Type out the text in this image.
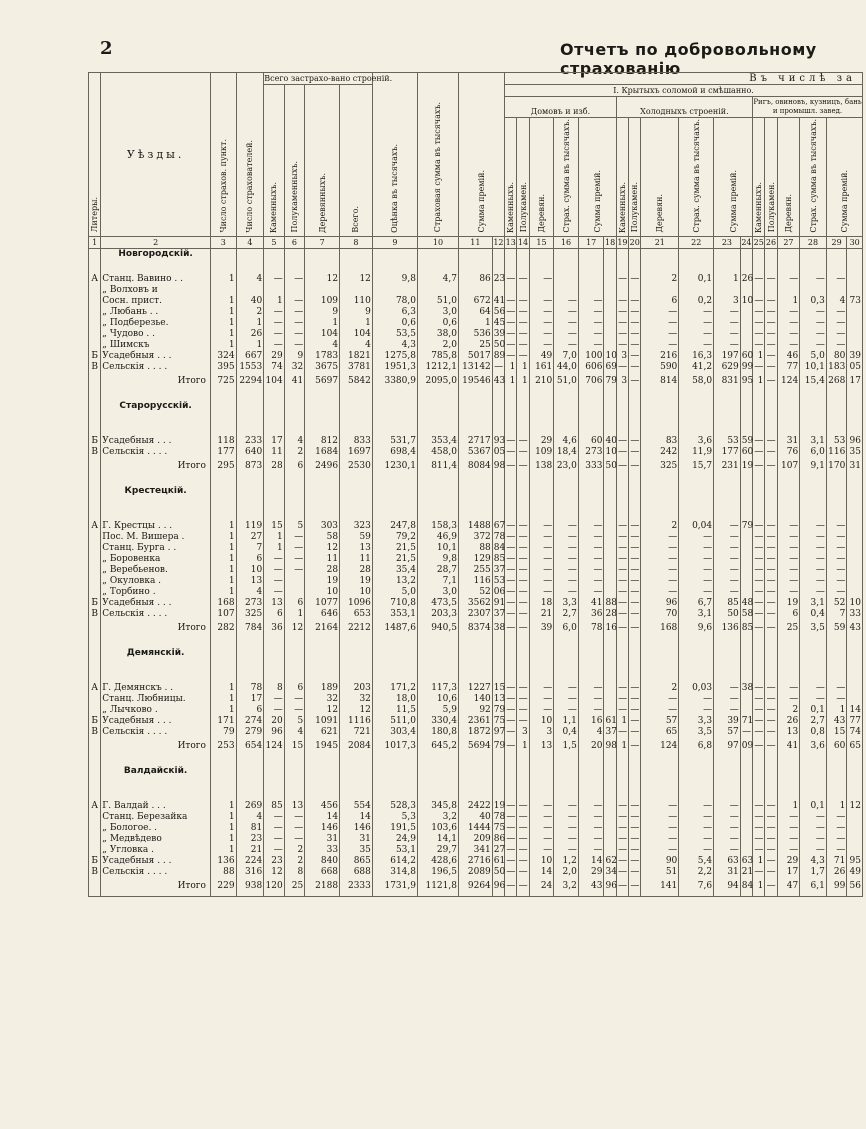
2	Отчетъ по добровольному страхованію
Литеры.	Уѣзды.	Число страхов. пункт.	Число страхователей.	Всего застрахо-вано строеній.				Оцѣнка въ тысячахъ.	Страховая сумма въ тысячахъ.	Сумма премій.		Въ числѣ за																	
				Каменныхъ.	Полукаменныхъ.	Деревянныхъ.	Всего.					I. Крытыхъ соломой и смѣшанно.																	
												Домовъ и изб.						Холодныхъ строеній.						Ригъ, овиновъ, кузницъ, бань и промышл. завед.					
												Каменныхъ.	Полукамен.	Деревян.	Страх. сумма въ тысячахъ.	Сумма премій.		Каменныхъ.	Полукамен.	Деревян.	Страх. сумма въ тысячахъ.	Сумма премій.		Каменныхъ.	Полукамен.	Деревян.	Страх. сумма въ тысячахъ.	Сумма премій.	
1	2	3	4	5	6	7	8	9	10	11	12	13	14	15	16	17	18	19	20	21	22	23	24	25	26	27	28	29	30
	Новгородскій.																												

А	Станц. Вавино . .	1	4	—	—	12	12	9,8	4,7	86	23	—	—	—				—	—	2	0,1	1	26	—	—	—	—	—	
	„ Волховъ и																												
	Сосн. прист.	1	40	1	—	109	110	78,0	51,0	672	41	—	—	—	—	—		—	—	6	0,2	3	10	—	—	1	0,3	4	73
	„ Любань . .	1	2	—	—	9	9	6,3	3,0	64	56	—	—	—	—	—		—	—	—	—	—		—	—	—	—	—	
	„ Подберезье.	1	1	—	—	1	1	0,6	0,6	1	45	—	—	—	—	—		—	—	—	—	—		—	—	—	—	—	
	„ Чудово . .	1	26	—	—	104	104	53,5	38,0	536	39	—	—	—	—	—		—	—	—	—	—		—	—	—	—	—	
	„ Шимскъ	1	1	—	—	4	4	4,3	2,0	25	50	—	—	—	—	—		—	—	—	—	—		—	—	—	—	—	
Б	Усадебныя . . .	324	667	29	9	1783	1821	1275,8	785,8	5017	89	—	—	49	7,0	100	10	3	—	216	16,3	197	60	1	—	46	5,0	80	39
В	Сельскія . . . .	395	1553	74	32	3675	3781	1951,3	1212,1	13142	—	1	1	161	44,0	606	69	—	—	590	41,2	629	99	—	—	77	10,1	183	05
	Итого	725	2294	104	41	5697	5842	3380,9	2095,0	19546	43	1	1	210	51,0	706	79	3	—	814	58,0	831	95	1	—	124	15,4	268	17

	Старорусскій.																												

Б	Усадебныя . . .	118	233	17	4	812	833	531,7	353,4	2717	93	—	—	29	4,6	60	40	—	—	83	3,6	53	59	—	—	31	3,1	53	96
В	Сельскія . . . .	177	640	11	2	1684	1697	698,4	458,0	5367	05	—	—	109	18,4	273	10	—	—	242	11,9	177	60	—	—	76	6,0	116	35
	Итого	295	873	28	6	2496	2530	1230,1	811,4	8084	98	—	—	138	23,0	333	50	—	—	325	15,7	231	19	—	—	107	9,1	170	31

	Крестецкій.																												

А	Г. Крестцы . . .	1	119	15	5	303	323	247,8	158,3	1488	67	—	—	—	—	—		—	—	2	0,04	—	79	—	—	—	—	—	
	Пос. М. Вишера .	1	27	1	—	58	59	79,2	46,9	372	78	—	—	—	—	—		—	—	—	—	—		—	—	—	—	—	
	Станц. Бурга . .	1	7	1	—	12	13	21,5	10,1	88	84	—	—	—	—	—		—	—	—	—	—		—	—	—	—	—	
	„ Боровенка	1	6	—	—	11	11	21,5	9,8	129	85	—	—	—	—	—		—	—	—	—	—		—	—	—	—	—	
	„ Веребьенов.	1	10	—	—	28	28	35,4	28,7	255	37	—	—	—	—	—		—	—	—	—	—		—	—	—	—	—	
	„ Окуловка .	1	13	—		19	19	13,2	7,1	116	53	—	—	—	—	—		—	—	—	—	—		—	—	—	—	—	
	„ Торбино .	1	4	—		10	10	5,0	3,0	52	06	—	—	—	—	—		—	—	—	—	—		—	—	—	—	—	
Б	Усадебныя . . .	168	273	13	6	1077	1096	710,8	473,5	3562	91	—	—	18	3,3	41	88	—	—	96	6,7	85	48	—	—	19	3,1	52	10
В	Сельскія . . . .	107	325	6	1	646	653	353,1	203,3	2307	37	—	—	21	2,7	36	28	—	—	70	3,1	50	58	—	—	6	0,4	7	33
	Итого	282	784	36	12	2164	2212	1487,6	940,5	8374	38	—	—	39	6,0	78	16	—	—	168	9,6	136	85	—	—	25	3,5	59	43

	Демянскій.																												

А	Г. Демянскъ . .	1	78	8	6	189	203	171,2	117,3	1227	15	—	—	—	—	—		—	—	2	0,03	—	38	—	—	—	—	—	
	Станц. Любницы.	1	17	—	—	32	32	18,0	10,6	140	13	—	—	—	—	—		—	—	—	—	—		—	—	—	—	—	
	„ Лычково .	1	6	—	—	12	12	11,5	5,9	92	79	—	—	—	—	—		—	—	—	—	—		—	—	2	0,1	1	14
Б	Усадебныя . . .	171	274	20	5	1091	1116	511,0	330,4	2361	75	—	—	10	1,1	16	61	1	—	57	3,3	39	71	—	—	26	2,7	43	77
В	Сельскія . . . .	79	279	96	4	621	721	303,4	180,8	1872	97	—	3	3	0,4	4	37	—	—	65	3,5	57	—	—	—	13	0,8	15	74
	Итого	253	654	124	15	1945	2084	1017,3	645,2	5694	79	—	1	13	1,5	20	98	1	—	124	6,8	97	09	—	—	41	3,6	60	65

	Валдайскій.																												

А	Г. Валдай . . .	1	269	85	13	456	554	528,3	345,8	2422	19	—	—	—	—	—		—	—	—	—	—		—	—	1	0,1	1	12
	Станц. Березайка	1	4	—	—	14	14	5,3	3,2	40	78	—	—	—	—	—		—	—	—	—	—		—	—	—	—	—	
	„ Бологое. .	1	81	—	—	146	146	191,5	103,6	1444	75	—	—	—	—	—		—	—	—	—	—		—	—	—	—	—	
	„ Медвѣдево	1	23	—	—	31	31	24,9	14,1	209	86	—	—	—	—	—		—	—	—	—	—		—	—	—	—	—	
	„ Угловка .	1	21	—	2	33	35	53,1	29,7	341	27	—	—	—	—	—		—	—	—	—	—		—	—	—	—	—	
Б	Усадебныя . . .	136	224	23	2	840	865	614,2	428,6	2716	61	—	—	10	1,2	14	62	—	—	90	5,4	63	63	1	—	29	4,3	71	95
В	Сельскія . . . .	88	316	12	8	668	688	314,8	196,5	2089	50	—	—	14	2,0	29	34	—	—	51	2,2	31	21	—	—	17	1,7	26	49
	Итого	229	938	120	25	2188	2333	1731,9	1121,8	9264	96	—	—	24	3,2	43	96	—	—	141	7,6	94	84	1	—	47	6,1	99	56
